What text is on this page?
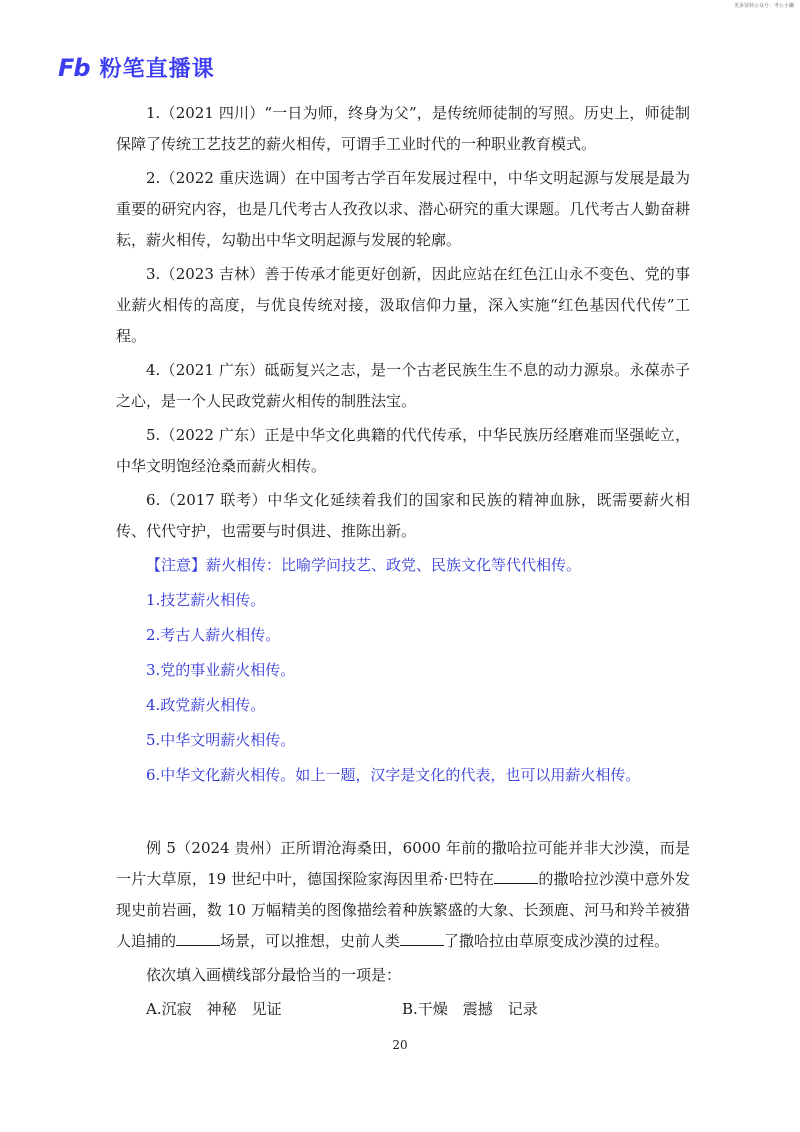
更多资料公众号：考公小獭
Fb 粉笔直播课

1.（2021 四川）“一日为师，终身为父”，是传统师徒制的写照。历史上，师徒制保障了传统工艺技艺的薪火相传，可谓手工业时代的一种职业教育模式。

2.（2022 重庆选调）在中国考古学百年发展过程中，中华文明起源与发展是最为重要的研究内容，也是几代考古人孜孜以求、潜心研究的重大课题。几代考古人勤奋耕耘，薪火相传，勾勒出中华文明起源与发展的轮廓。

3.（2023 吉林）善于传承才能更好创新，因此应站在红色江山永不变色、党的事业薪火相传的高度，与优良传统对接，汲取信仰力量，深入实施“红色基因代代传”工程。

4.（2021 广东）砥砺复兴之志，是一个古老民族生生不息的动力源泉。永葆赤子之心，是一个人民政党薪火相传的制胜法宝。

5.（2022 广东）正是中华文化典籍的代代传承，中华民族历经磨难而坚强屹立，中华文明饱经沧桑而薪火相传。

6.（2017 联考）中华文化延续着我们的国家和民族的精神血脉，既需要薪火相传、代代守护，也需要与时俱进、推陈出新。

【注意】薪火相传：比喻学问技艺、政党、民族文化等代代相传。

1.技艺薪火相传。

2.考古人薪火相传。

3.党的事业薪火相传。

4.政党薪火相传。

5.中华文明薪火相传。

6.中华文化薪火相传。如上一题，汉字是文化的代表，也可以用薪火相传。

例 5（2024 贵州）正所谓沧海桑田，6000 年前的撒哈拉可能并非大沙漠，而是一片大草原，19 世纪中叶，德国探险家海因里希·巴特在	的撒哈拉沙漠中意外发现史前岩画，数 10 万幅精美的图像描绘着种族繁盛的大象、长颈鹿、河马和羚羊被猎人追捕的	场景，可以推想，史前人类	了撒哈拉由草原变成沙漠的过程。

依次填入画横线部分最恰当的一项是：

A.沉寂　神秘　见证	B.干燥　震撼　记录
20
